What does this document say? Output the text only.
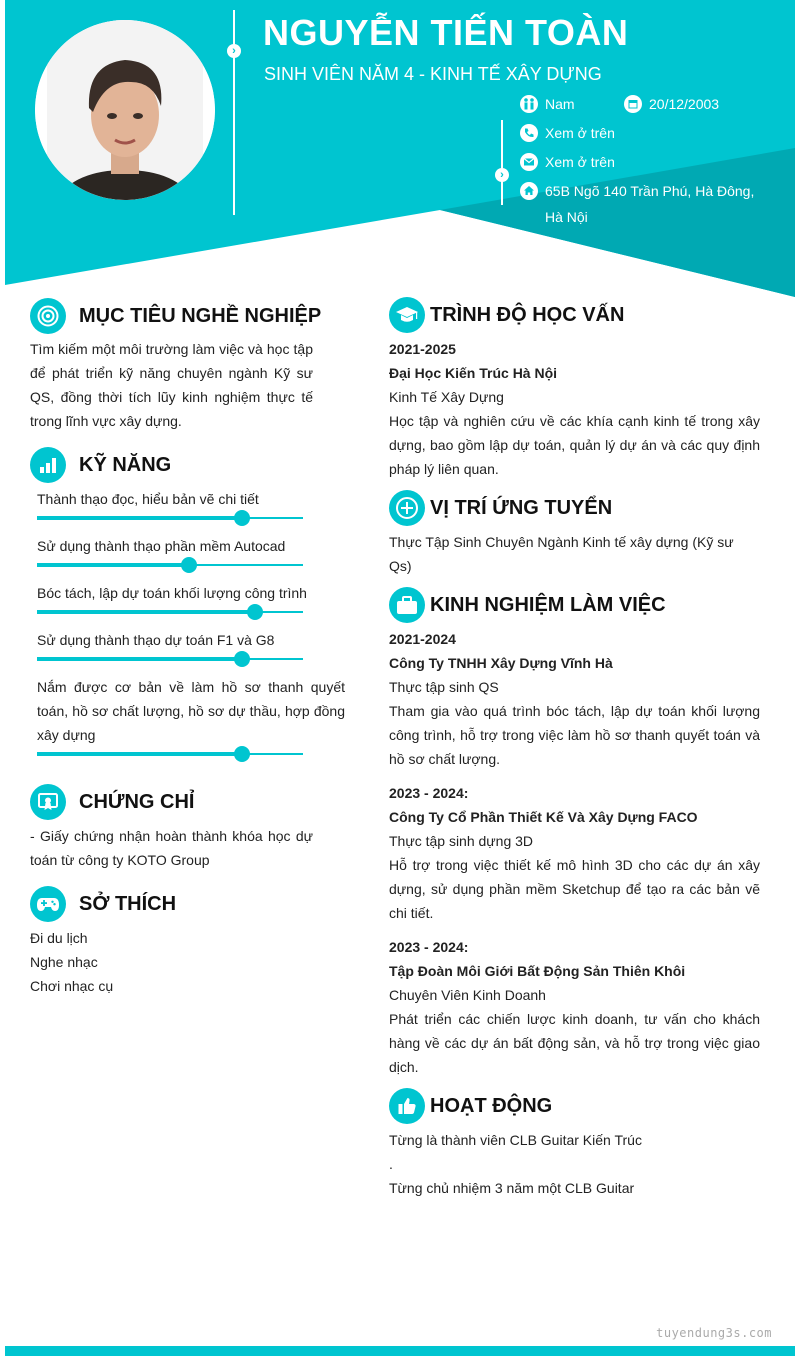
› NGUYỄN TIẾN TOÀN
SINH VIÊN NĂM 4 - KINH TẾ XÂY DỰNG
›
Nam	20/12/2003
Xem ở trên
Xem ở trên
65B Ngõ 140 Trần Phú, Hà Đông, Hà Nội
MỤC TIÊU NGHỀ NGHIỆP
Tìm kiếm một môi trường làm việc và học tập để phát triển kỹ năng chuyên ngành Kỹ sư QS, đồng thời tích lũy kinh nghiệm thực tế trong lĩnh vực xây dựng.
KỸ NĂNG
Thành thạo đọc, hiểu bản vẽ chi tiết
Sử dụng thành thạo phần mềm Autocad
Bóc tách, lập dự toán khối lượng công trình
Sử dụng thành thạo dự toán F1 và G8
Nắm được cơ bản về làm hồ sơ thanh quyết toán, hồ sơ chất lượng, hồ sơ dự thầu, hợp đồng xây dựng
CHỨNG CHỈ
- Giấy chứng nhận hoàn thành khóa học dự toán từ công ty KOTO Group
SỞ THÍCH
Đi du lịch
Nghe nhạc
Chơi nhạc cụ
TRÌNH ĐỘ HỌC VẤN
2021-2025
Đại Học Kiến Trúc Hà Nội
Kinh Tế Xây Dựng
Học tập và nghiên cứu về các khía cạnh kinh tế trong xây dựng, bao gồm lập dự toán, quản lý dự án và các quy định pháp lý liên quan.
VỊ TRÍ ỨNG TUYỂN
Thực Tập Sinh Chuyên Ngành Kinh tế xây dựng (Kỹ sư Qs)
KINH NGHIỆM LÀM VIỆC
2021-2024
Công Ty TNHH Xây Dựng Vĩnh Hà
Thực tập sinh QS
Tham gia vào quá trình bóc tách, lập dự toán khối lượng công trình, hỗ trợ trong việc làm hồ sơ thanh quyết toán và hồ sơ chất lượng.
2023 - 2024:
Công Ty Cổ Phần Thiết Kế Và Xây Dựng FACO
Thực tập sinh dựng 3D
Hỗ trợ trong việc thiết kế mô hình 3D cho các dự án xây dựng, sử dụng phần mềm Sketchup để tạo ra các bản vẽ chi tiết.
2023 - 2024:
Tập Đoàn Môi Giới Bất Động Sản Thiên Khôi
Chuyên Viên Kinh Doanh
Phát triển các chiến lược kinh doanh, tư vấn cho khách hàng về các dự án bất động sản, và hỗ trợ trong việc giao dịch.
HOẠT ĐỘNG
Từng là thành viên CLB Guitar Kiến Trúc
.
Từng chủ nhiệm 3 năm một CLB Guitar
tuyendung3s.com
